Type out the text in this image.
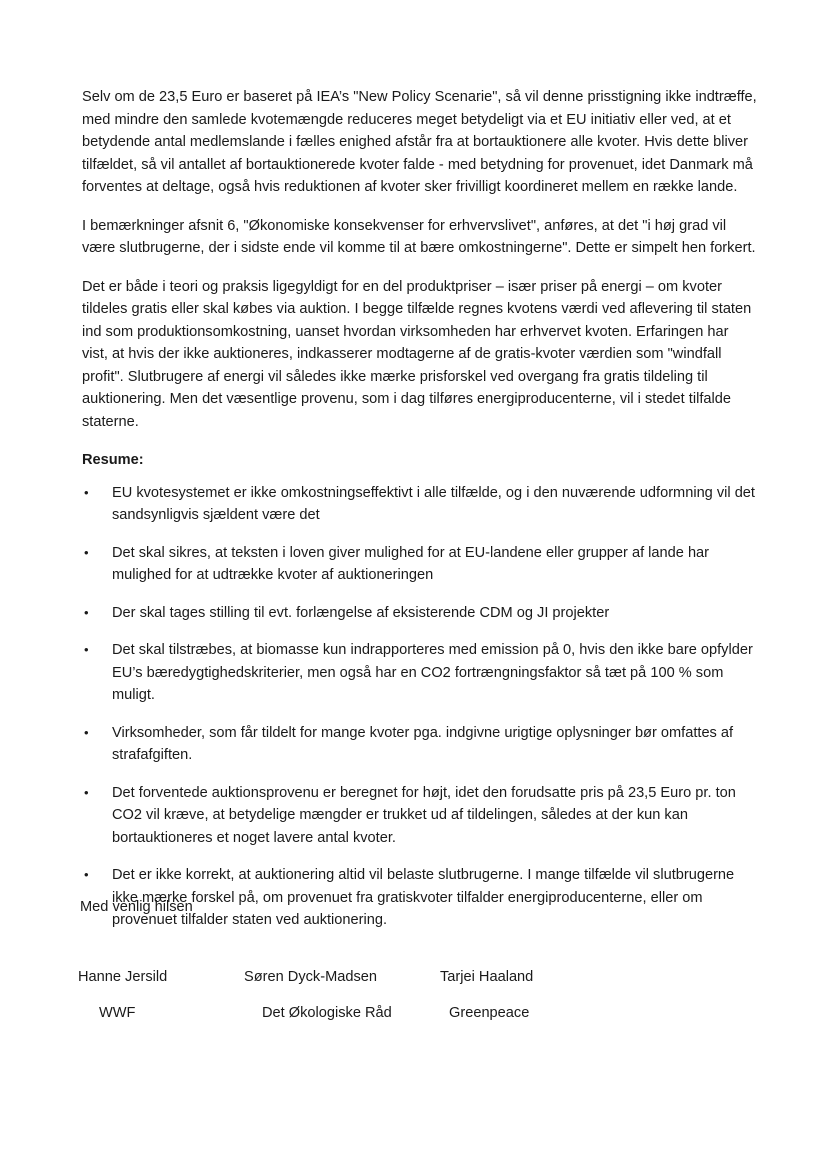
Selv om de 23,5 Euro er baseret på IEA’s "New Policy Scenarie", så vil denne prisstigning ikke indtræffe, med mindre den samlede kvotemængde reduceres meget betydeligt via et EU initiativ eller ved, at et betydende antal medlemslande i fælles enighed afstår fra at bortauktionere alle kvoter. Hvis dette bliver tilfældet, så vil antallet af bortauktionerede kvoter falde - med betydning for provenuet, idet Danmark må forventes at deltage, også hvis reduktionen af kvoter sker frivilligt koordineret mellem en række lande.

I bemærkninger afsnit 6, "Økonomiske konsekvenser for erhvervslivet", anføres, at det "i høj grad vil være slutbrugerne, der i sidste ende vil komme til at bære omkostningerne". Dette er simpelt hen forkert.

Det er både i teori og praksis ligegyldigt for en del produktpriser – især priser på energi – om kvoter tildeles gratis eller skal købes via auktion. I begge tilfælde regnes kvotens værdi ved aflevering til staten ind som produktionsomkostning, uanset hvordan virksomheden har erhvervet kvoten. Erfaringen har vist, at hvis der ikke auktioneres, indkasserer modtagerne af de gratis-kvoter værdien som "windfall profit". Slutbrugere af energi vil således ikke mærke prisforskel ved overgang fra gratis tildeling til auktionering. Men det væsentlige provenu, som i dag tilføres energiproducenterne, vil i stedet tilfalde staterne.

Resume:
• EU kvotesystemet er ikke omkostningseffektivt i alle tilfælde, og i den nuværende udformning vil det sandsynligvis sjældent være det
• Det skal sikres, at teksten i loven giver mulighed for at EU-landene eller grupper af lande har mulighed for at udtrække kvoter af auktioneringen
• Der skal tages stilling til evt. forlængelse af eksisterende CDM og JI projekter
• Det skal tilstræbes, at biomasse kun indrapporteres med emission på 0, hvis den ikke bare opfylder EU’s bæredygtighedskriterier, men også har en CO2 fortrængningsfaktor så tæt på 100 % som muligt.
• Virksomheder, som får tildelt for mange kvoter pga. indgivne urigtige oplysninger bør omfattes af strafafgiften.
• Det forventede auktionsprovenu er beregnet for højt, idet den forudsatte pris på 23,5 Euro pr. ton CO2 vil kræve, at betydelige mængder er trukket ud af tildelingen, således at der kun kan bortauktioneres et noget lavere antal kvoter.
• Det er ikke korrekt, at auktionering altid vil belaste slutbrugerne. I mange tilfælde vil slutbrugerne ikke mærke forskel på, om provenuet fra gratiskvoter tilfalder energiproducenterne, eller om provenuet tilfalder staten ved auktionering.
Med venlig hilsen
Hanne Jersild	Søren Dyck-Madsen	Tarjei Haaland
WWF	Det Økologiske Råd	Greenpeace
